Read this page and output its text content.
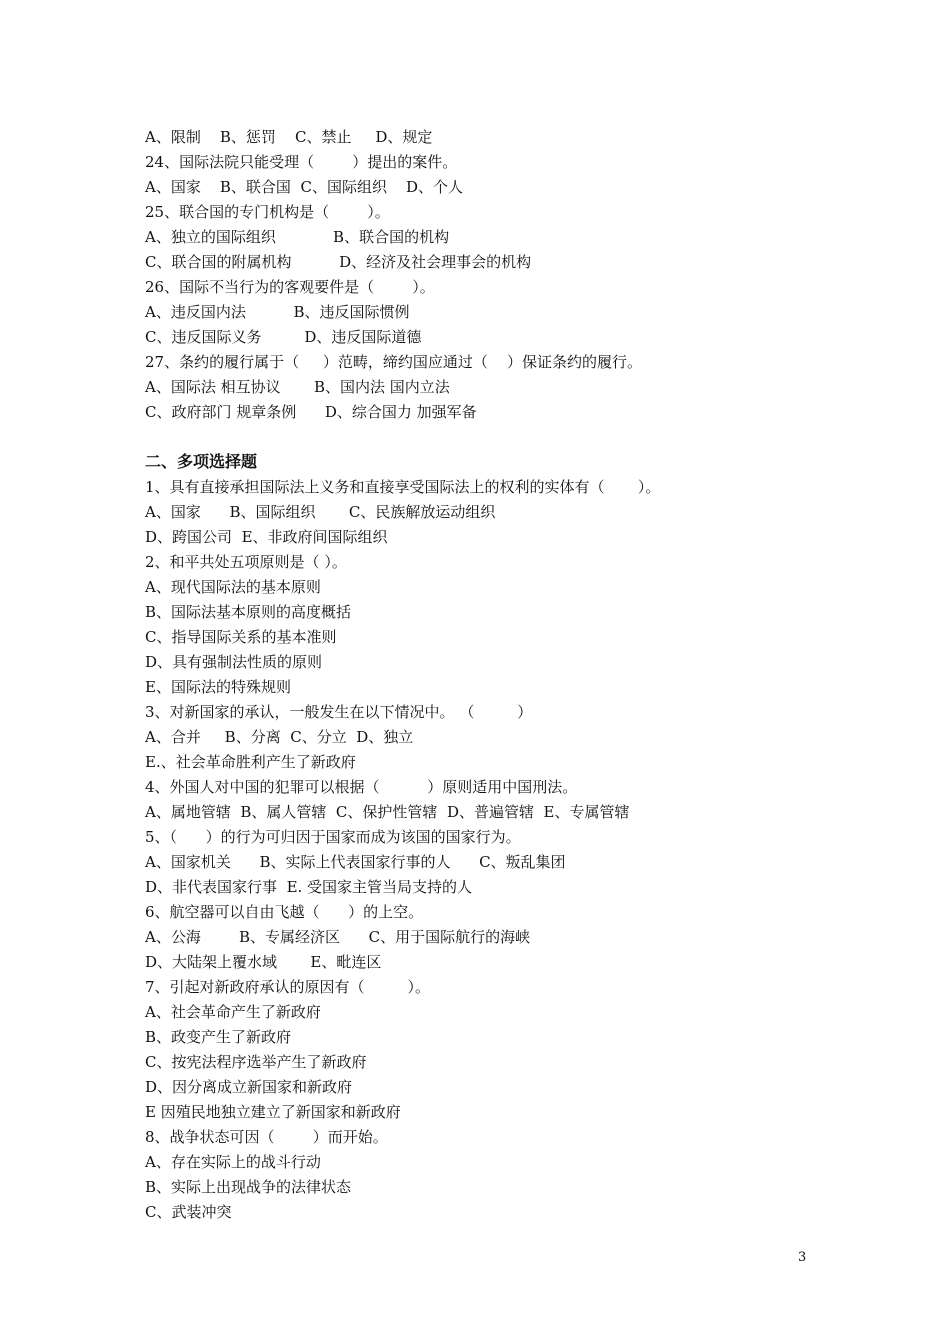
A、限制    B、惩罚    C、禁止     D、规定
24、国际法院只能受理（        ）提出的案件。
A、国家    B、联合国  C、国际组织    D、个人
25、联合国的专门机构是（        ）。
A、独立的国际组织            B、联合国的机构
C、联合国的附属机构          D、经济及社会理事会的机构
26、国际不当行为的客观要件是（        ）。
A、违反国内法          B、违反国际惯例
C、违反国际义务         D、违反国际道德
27、条约的履行属于（     ）范畴，缔约国应通过（    ）保证条约的履行。
A、国际法 相互协议       B、国内法 国内立法
C、政府部门 规章条例      D、综合国力 加强军备
二、多项选择题
1、具有直接承担国际法上义务和直接享受国际法上的权利的实体有（       ）。
A、国家      B、国际组织       C、民族解放运动组织
D、跨国公司  E、非政府间国际组织
2、和平共处五项原则是（ ）。
A、现代国际法的基本原则
B、国际法基本原则的高度概括
C、指导国际关系的基本准则
D、具有强制法性质的原则
E、国际法的特殊规则
3、对新国家的承认，一般发生在以下情况中。 （         ）
A、合并     B、分离  C、分立  D、独立
E.、社会革命胜利产生了新政府
4、外国人对中国的犯罪可以根据（          ）原则适用中国刑法。
A、属地管辖  B、属人管辖  C、保护性管辖  D、普遍管辖  E、专属管辖
5、（      ）的行为可归因于国家而成为该国的国家行为。
A、国家机关      B、实际上代表国家行事的人      C、叛乱集团
D、非代表国家行事  E. 受国家主管当局支持的人
6、航空器可以自由飞越（      ）的上空。
A、公海        B、专属经济区      C、用于国际航行的海峡
D、大陆架上覆水域       E、毗连区
7、引起对新政府承认的原因有（         ）。
A、社会革命产生了新政府
B、政变产生了新政府
C、按宪法程序选举产生了新政府
D、因分离成立新国家和新政府
E 因殖民地独立建立了新国家和新政府
8、战争状态可因（        ）而开始。
A、存在实际上的战斗行动
B、实际上出现战争的法律状态
C、武装冲突
3
